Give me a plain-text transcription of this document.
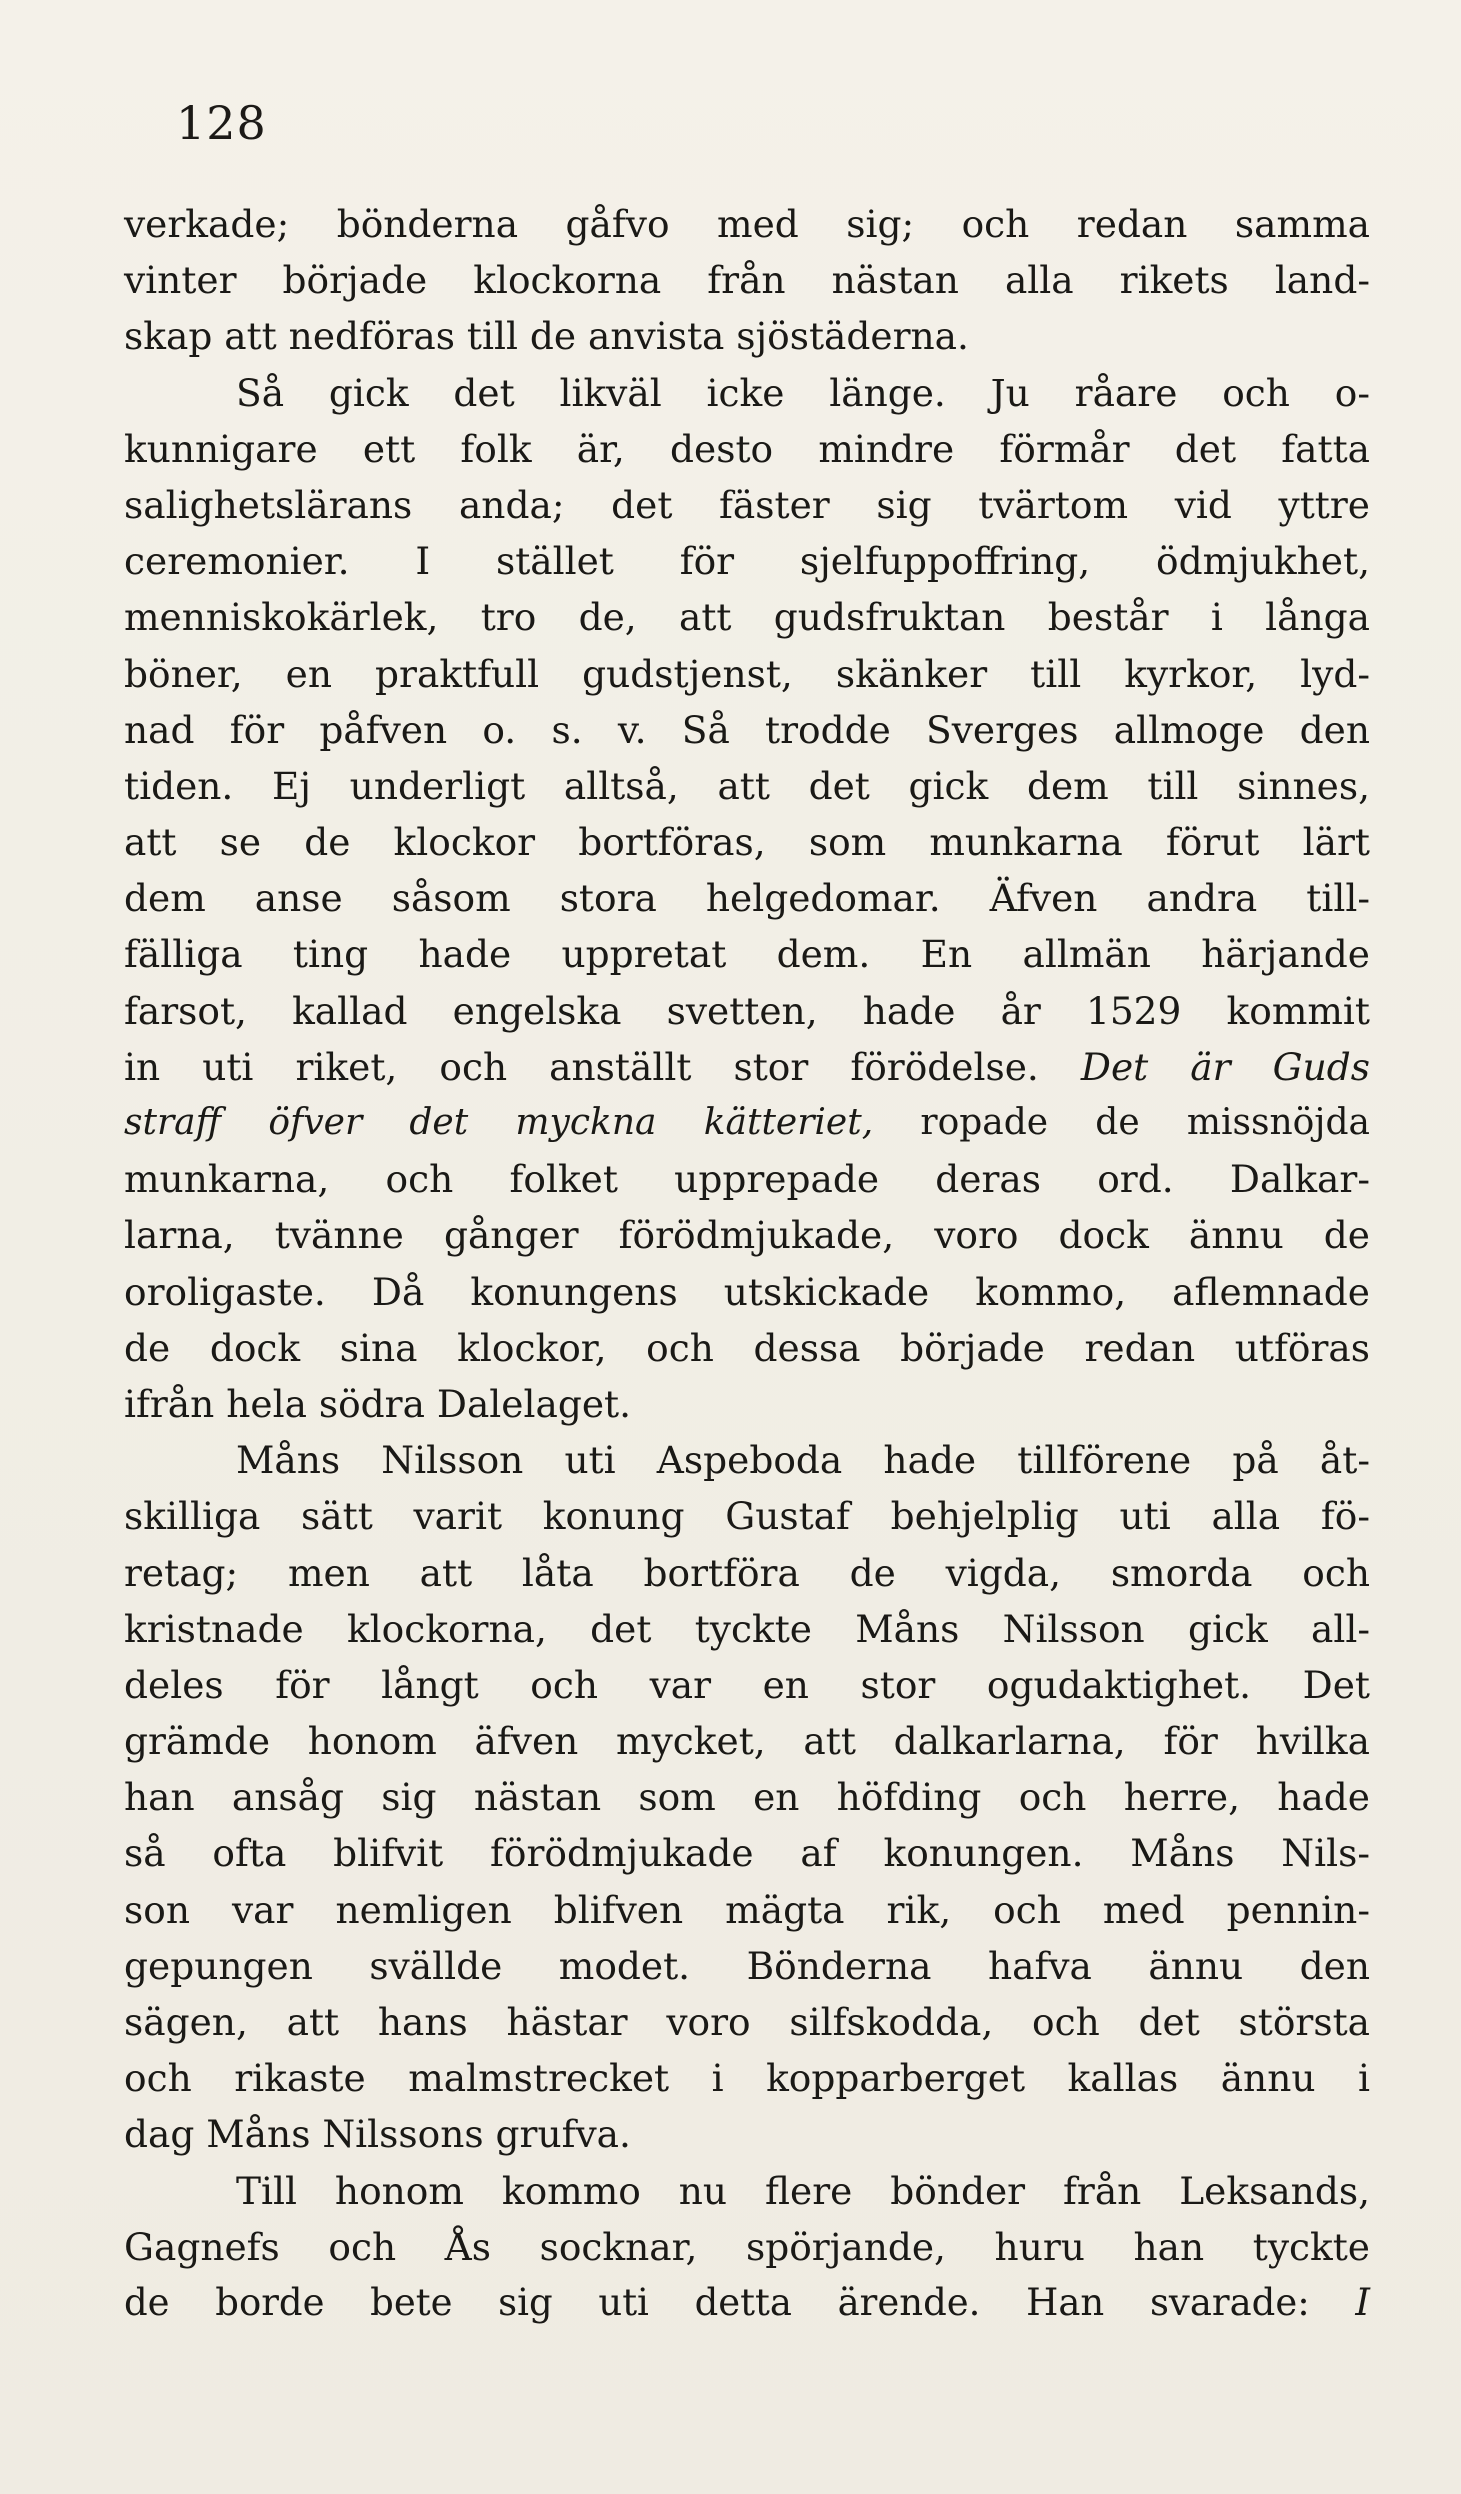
128
verkade; bönderna gåfvo med sig; och redan samma
vinter började klockorna från nästan alla rikets land-
skap att nedföras till de anvista sjöstäderna.
Så gick det likväl icke länge. Ju råare och o-
kunnigare ett folk är, desto mindre förmår det fatta
salighetslärans anda; det fäster sig tvärtom vid yttre
ceremonier. I stället för sjelfuppoffring, ödmjukhet,
menniskokärlek, tro de, att gudsfruktan består i långa
böner, en praktfull gudstjenst, skänker till kyrkor, lyd-
nad för påfven o. s. v. Så trodde Sverges allmoge den
tiden. Ej underligt alltså, att det gick dem till sinnes,
att se de klockor bortföras, som munkarna förut lärt
dem anse såsom stora helgedomar. Äfven andra till-
fälliga ting hade uppretat dem. En allmän härjande
farsot, kallad engelska svetten, hade år 1529 kommit
in uti riket, och anställt stor förödelse. Det är Guds
straff öfver det myckna kätteriet, ropade de missnöjda
munkarna, och folket upprepade deras ord. Dalkar-
larna, tvänne gånger förödmjukade, voro dock ännu de
oroligaste. Då konungens utskickade kommo, aflemnade
de dock sina klockor, och dessa började redan utföras
ifrån hela södra Dalelaget.
Måns Nilsson uti Aspeboda hade tillförene på åt-
skilliga sätt varit konung Gustaf behjelplig uti alla fö-
retag; men att låta bortföra de vigda, smorda och
kristnade klockorna, det tyckte Måns Nilsson gick all-
deles för långt och var en stor ogudaktighet. Det
grämde honom äfven mycket, att dalkarlarna, för hvilka
han ansåg sig nästan som en höfding och herre, hade
så ofta blifvit förödmjukade af konungen. Måns Nils-
son var nemligen blifven mägta rik, och med pennin-
gepungen svällde modet. Bönderna hafva ännu den
sägen, att hans hästar voro silfskodda, och det största
och rikaste malmstrecket i kopparberget kallas ännu i
dag Måns Nilssons grufva.
Till honom kommo nu flere bönder från Leksands,
Gagnefs och Ås socknar, spörjande, huru han tyckte
de borde bete sig uti detta ärende. Han svarade: I
